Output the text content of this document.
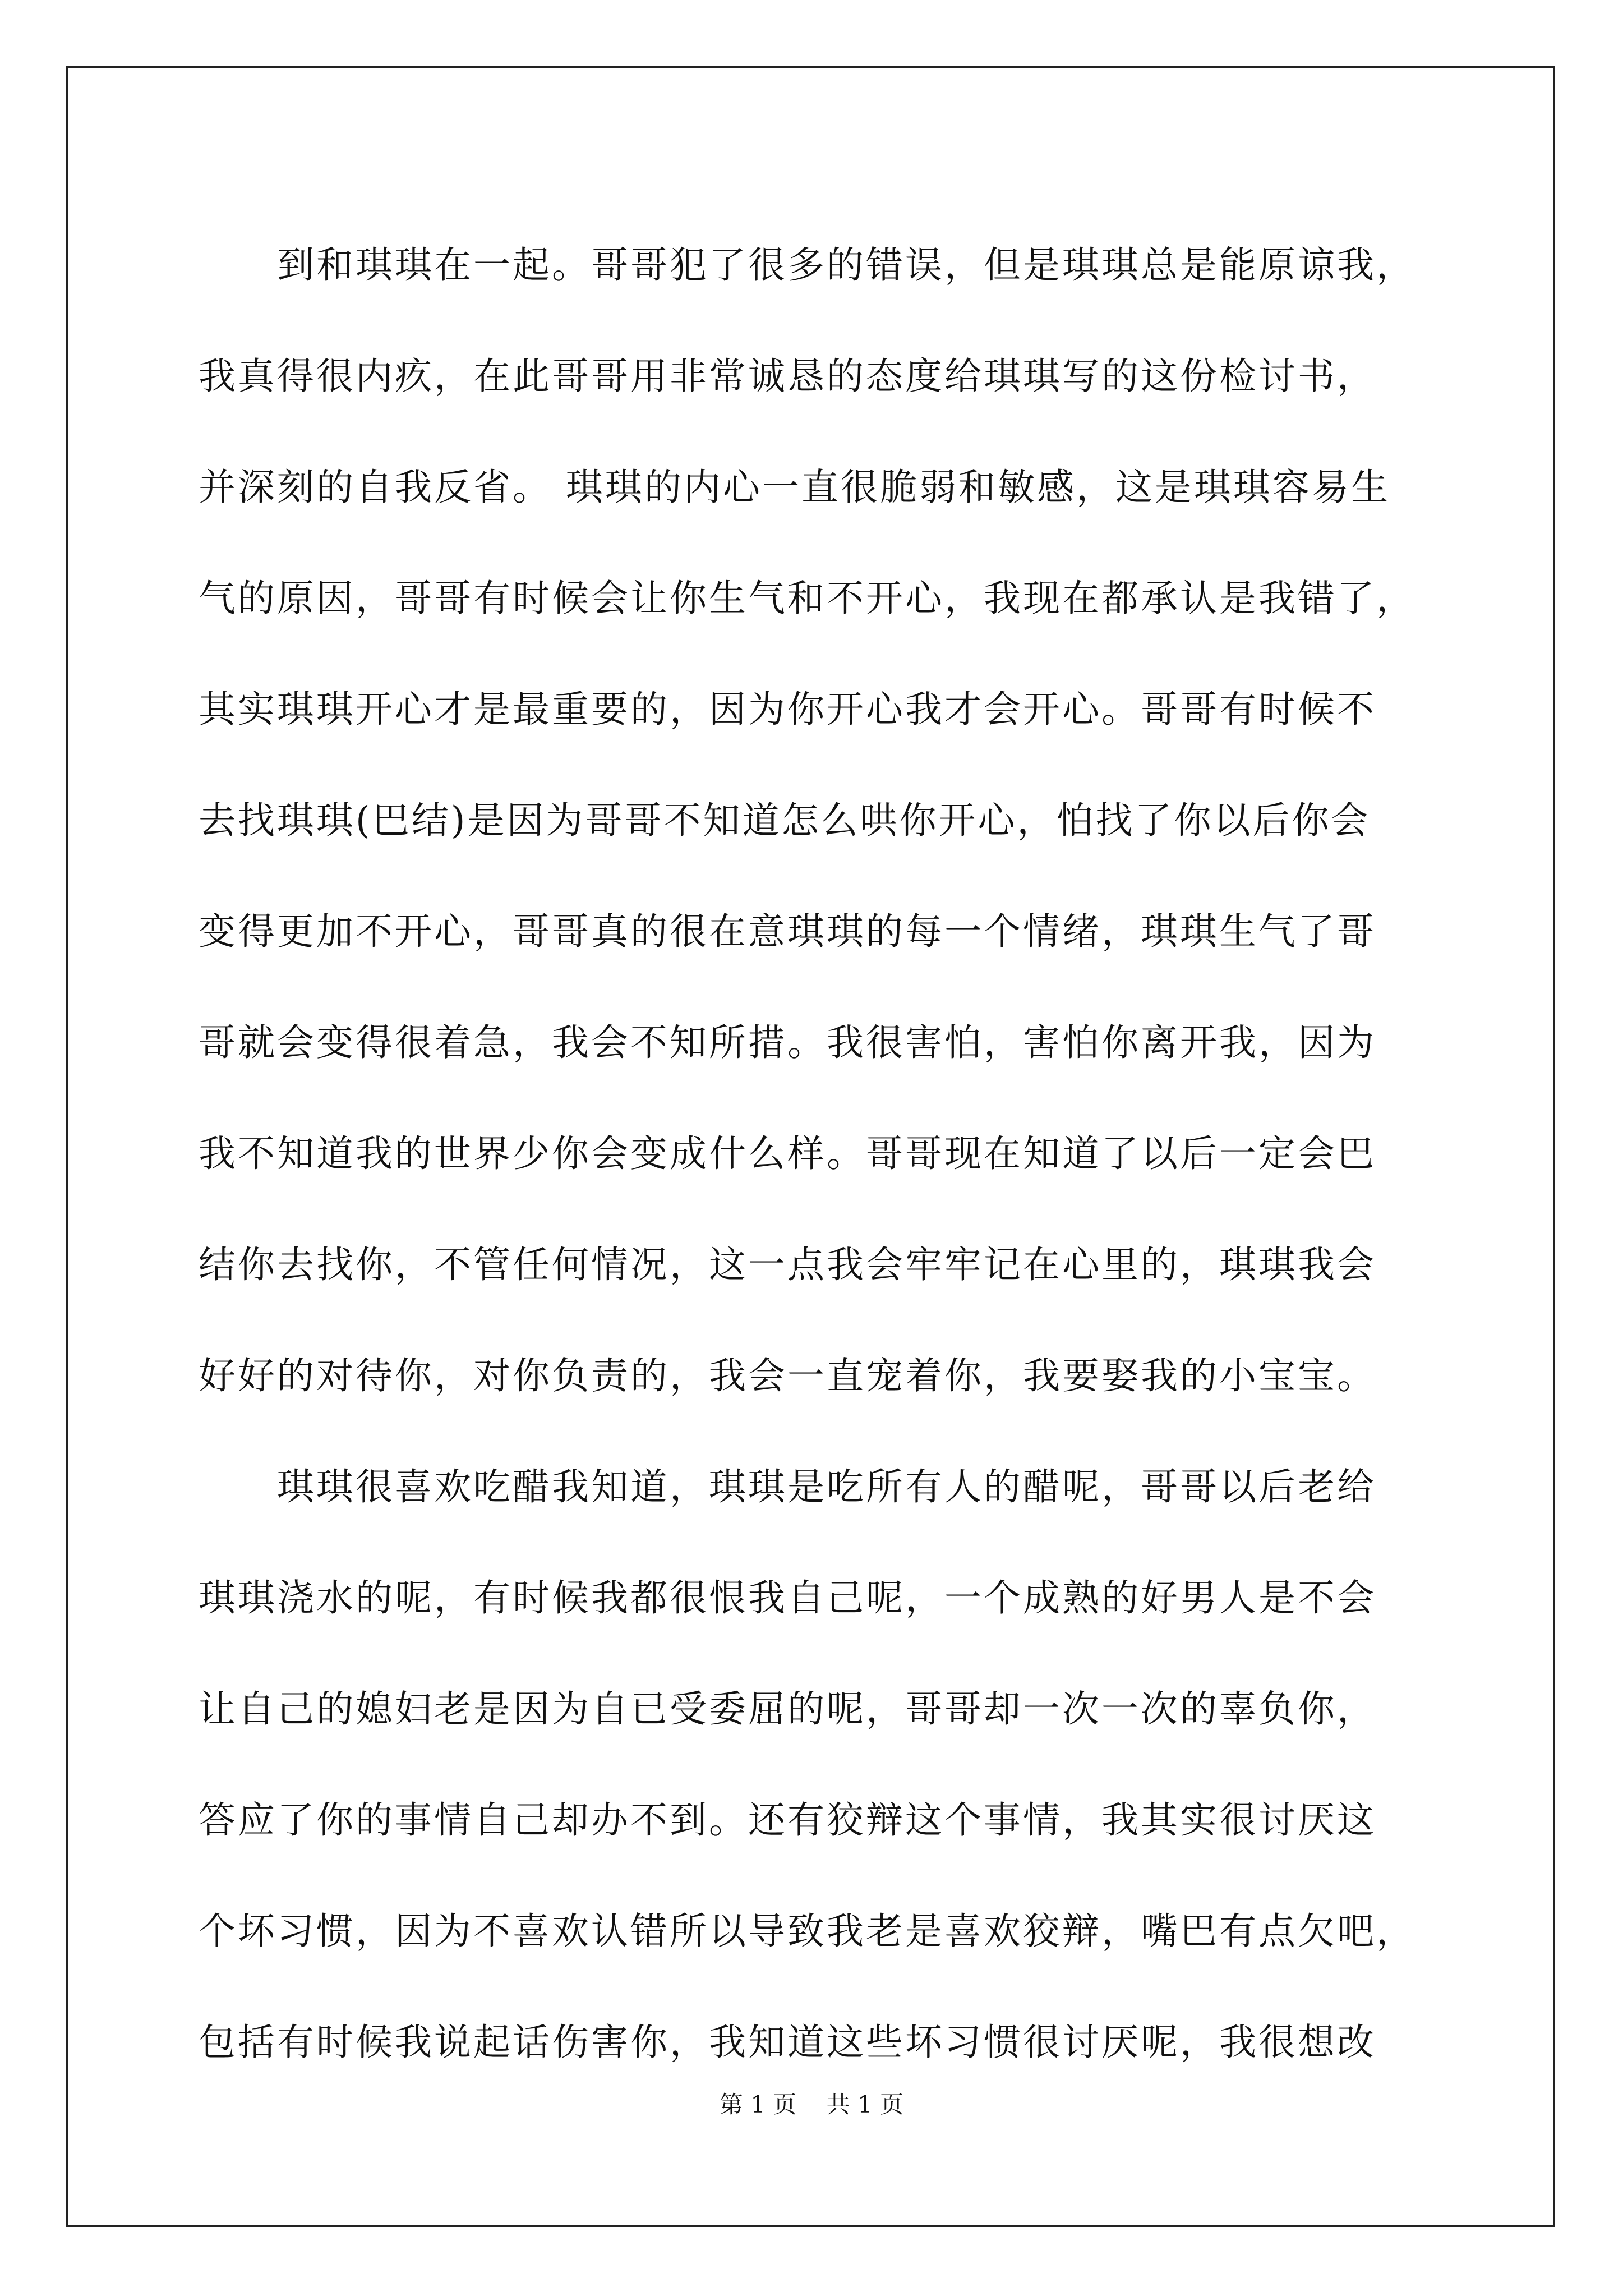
　　到和琪琪在一起。哥哥犯了很多的错误，但是琪琪总是能原谅我，

我真得很内疚，在此哥哥用非常诚恳的态度给琪琪写的这份检讨书，

并深刻的自我反省。 琪琪的内心一直很脆弱和敏感，这是琪琪容易生

气的原因，哥哥有时候会让你生气和不开心，我现在都承认是我错了，

其实琪琪开心才是最重要的，因为你开心我才会开心。哥哥有时候不

去找琪琪(巴结)是因为哥哥不知道怎么哄你开心，怕找了你以后你会

变得更加不开心，哥哥真的很在意琪琪的每一个情绪，琪琪生气了哥

哥就会变得很着急，我会不知所措。我很害怕，害怕你离开我，因为

我不知道我的世界少你会变成什么样。哥哥现在知道了以后一定会巴

结你去找你，不管任何情况，这一点我会牢牢记在心里的，琪琪我会

好好的对待你，对你负责的，我会一直宠着你，我要娶我的小宝宝。

　　琪琪很喜欢吃醋我知道，琪琪是吃所有人的醋呢，哥哥以后老给

琪琪浇水的呢，有时候我都很恨我自己呢，一个成熟的好男人是不会

让自己的媳妇老是因为自已受委屈的呢，哥哥却一次一次的辜负你，

答应了你的事情自己却办不到。还有狡辩这个事情，我其实很讨厌这

个坏习惯，因为不喜欢认错所以导致我老是喜欢狡辩，嘴巴有点欠吧，

包括有时候我说起话伤害你，我知道这些坏习惯很讨厌呢，我很想改

第 1 页    共 1 页
